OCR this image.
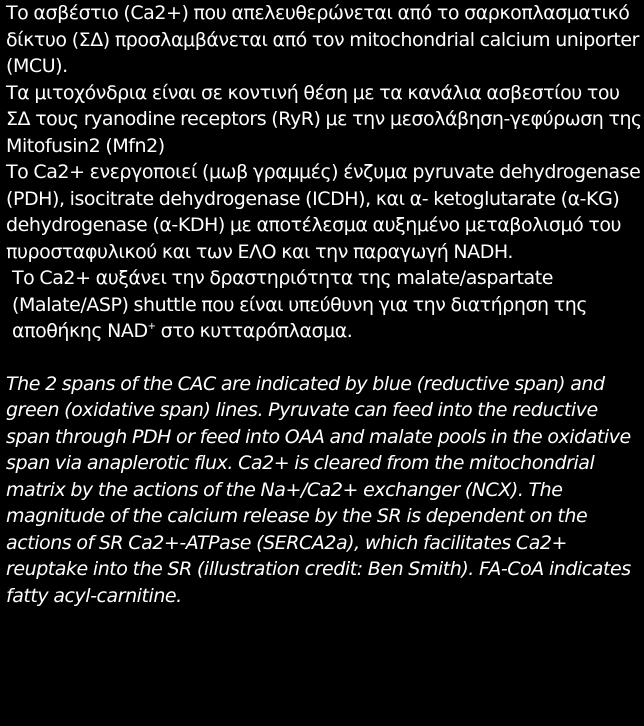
Το ασβέστιο (Ca2+) που απελευθερώνεται από το σαρκοπλασματικό δίκτυο (ΣΔ) προσλαμβάνεται από τον mitochondrial calcium uniporter (MCU).

Τα μιτοχόνδρια είναι σε κοντινή θέση με τα κανάλια ασβεστίου του ΣΔ τους ryanodine receptors (RyR) με την μεσολάβηση-γεφύρωση της Mitofusin2 (Mfn2)

Το Ca2+ ενεργοποιεί (μωβ γραμμές) ένζυμα pyruvate dehydrogenase (PDH), isocitrate dehydrogenase (ICDH), και α- ketoglutarate (α-KG) dehydrogenase (α-KDH) με αποτέλεσμα αυξημένο μεταβολισμό του πυροσταφυλικού και των ΕΛΟ και την παραγωγή NADH.

Το Ca2+ αυξάνει την δραστηριότητα της malate/aspartate (Malate/ASP) shuttle που είναι υπεύθυνη για την διατήρηση της αποθήκης NAD+ στο κυτταρόπλασμα.

The 2 spans of the CAC are indicated by blue (reductive span) and green (oxidative span) lines. Pyruvate can feed into the reductive span through PDH or feed into OAA and malate pools in the oxidative span via anaplerotic flux. Ca2+ is cleared from the mitochondrial matrix by the actions of the Na+/Ca2+ exchanger (NCX). The magnitude of the calcium release by the SR is dependent on the actions of SR Ca2+-ATPase (SERCA2a), which facilitates Ca2+ reuptake into the SR (illustration credit: Ben Smith). FA-CoA indicates fatty acyl-carnitine.
